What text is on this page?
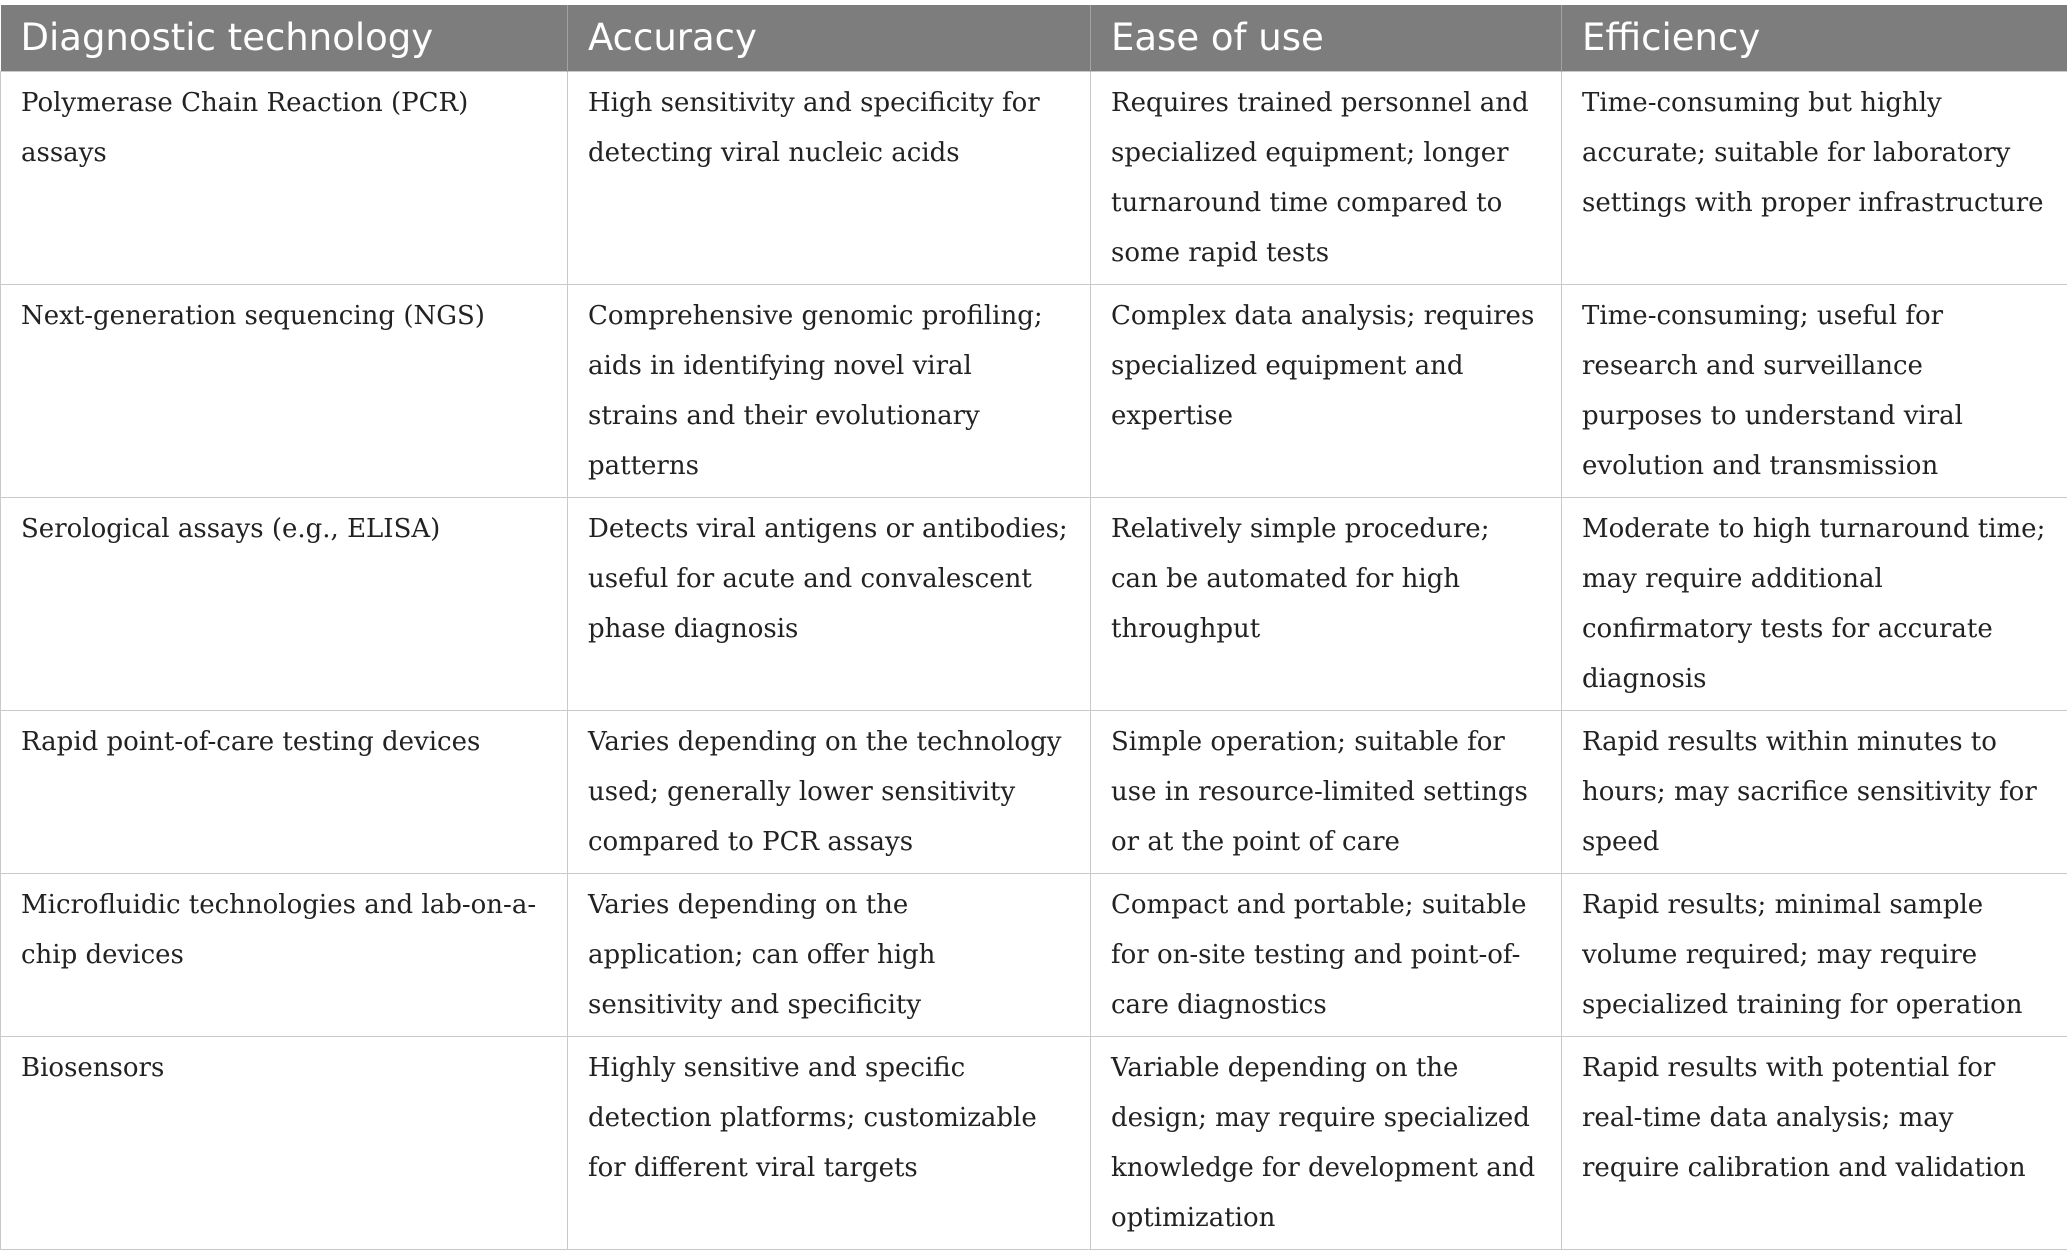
Diagnostic technology	Accuracy	Ease of use	Efficiency
Polymerase Chain Reaction (PCR) assays	High sensitivity and specificity for detecting viral nucleic acids	Requires trained personnel and specialized equipment; longer turnaround time compared to some rapid tests	Time-consuming but highly accurate; suitable for laboratory settings with proper infrastructure
Next-generation sequencing (NGS)	Comprehensive genomic profiling; aids in identifying novel viral strains and their evolutionary patterns	Complex data analysis; requires specialized equipment and expertise	Time-consuming; useful for research and surveillance purposes to understand viral evolution and transmission
Serological assays (e.g., ELISA)	Detects viral antigens or antibodies; useful for acute and convalescent phase diagnosis	Relatively simple procedure; can be automated for high throughput	Moderate to high turnaround time; may require additional confirmatory tests for accurate diagnosis
Rapid point-of-care testing devices	Varies depending on the technology used; generally lower sensitivity compared to PCR assays	Simple operation; suitable for use in resource-limited settings or at the point of care	Rapid results within minutes to hours; may sacrifice sensitivity for speed
Microfluidic technologies and lab-on-a-chip devices	Varies depending on the application; can offer high sensitivity and specificity	Compact and portable; suitable for on-site testing and point-of-care diagnostics	Rapid results; minimal sample volume required; may require specialized training for operation
Biosensors	Highly sensitive and specific detection platforms; customizable for different viral targets	Variable depending on the design; may require specialized knowledge for development and optimization	Rapid results with potential for real-time data analysis; may require calibration and validation
